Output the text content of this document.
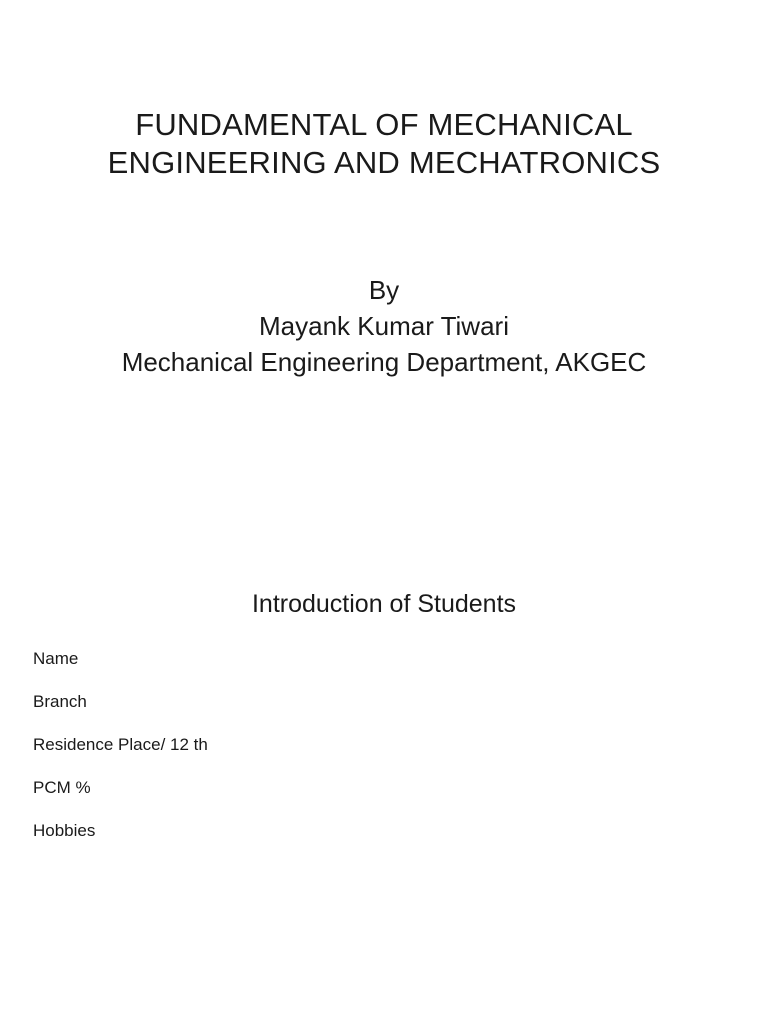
FUNDAMENTAL OF MECHANICAL
ENGINEERING AND MECHATRONICS
By
Mayank Kumar Tiwari
Mechanical Engineering Department, AKGEC
Introduction of Students
Name
Branch
Residence Place/ 12 th
PCM %
Hobbies
